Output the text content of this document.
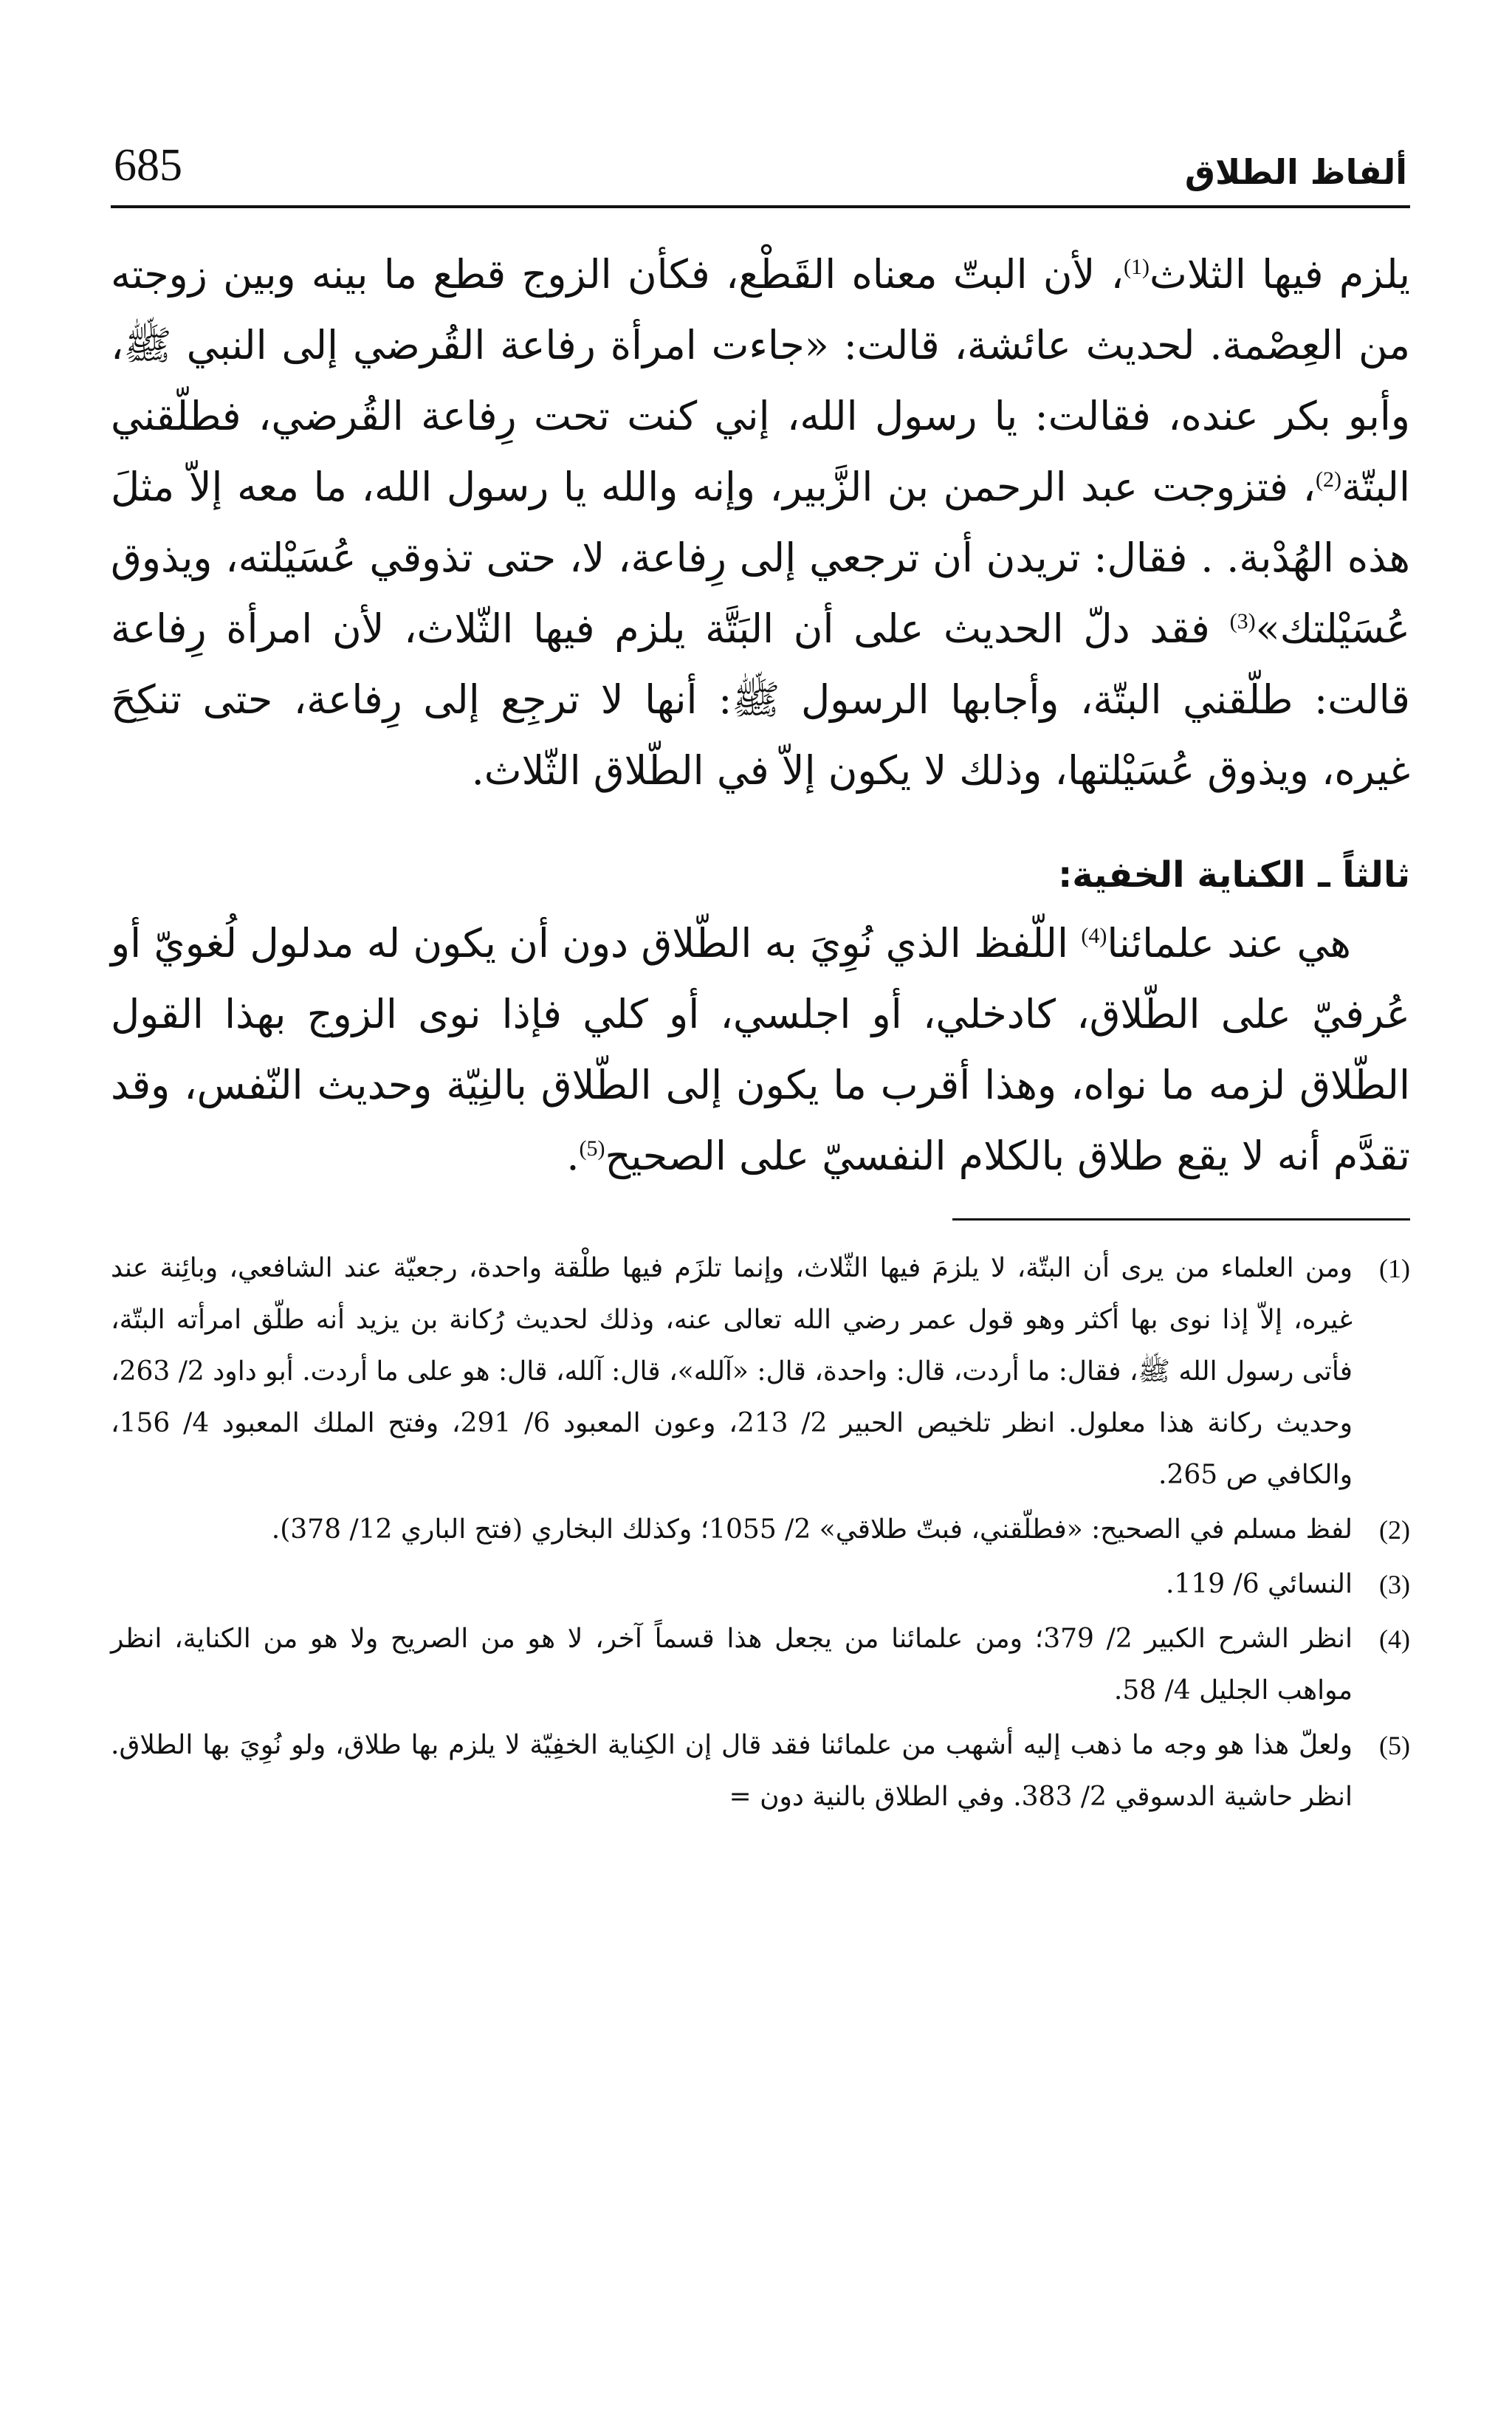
ألفاظ الطلاق
685

يلزم فيها الثلاث$^{(1)}$، لأن البتّ معناه القَطْع، فكأن الزوج قطع ما بينه وبين زوجته من العِصْمة. لحديث عائشة، قالت: «جاءت امرأة رفاعة القُرضي إلى النبي ﷺ، وأبو بكر عنده، فقالت: يا رسول الله، إني كنت تحت رِفاعة القُرضي، فطلّقني البتّة$^{(2)}$، فتزوجت عبد الرحمن بن الزَّبير، وإنه والله يا رسول الله، ما معه إلاّ مثلَ هذه الهُدْبة. . فقال: تريدن أن ترجعي إلى رِفاعة، لا، حتى تذوقي عُسَيْلته، ويذوق عُسَيْلتك»$^{(3)}$ فقد دلّ الحديث على أن البَتَّة يلزم فيها الثّلاث، لأن امرأة رِفاعة قالت: طلّقني البتّة، وأجابها الرسول ﷺ: أنها لا ترجِع إلى رِفاعة، حتى تنكِحَ غيره، ويذوق عُسَيْلتها، وذلك لا يكون إلاّ في الطّلاق الثّلاث.

ثالثاً ـ الكناية الخفية:

هي عند علمائنا$^{(4)}$ اللّفظ الذي نُوِيَ به الطّلاق دون أن يكون له مدلول لُغويّ أو عُرفيّ على الطّلاق، كادخلي، أو اجلسي، أو كلي فإذا نوى الزوج بهذا القول الطّلاق لزمه ما نواه، وهذا أقرب ما يكون إلى الطّلاق بالنِيّة وحديث النّفس، وقد تقدَّم أنه لا يقع طلاق بالكلام النفسيّ على الصحيح$^{(5)}$.

(1)
ومن العلماء من يرى أن البتّة، لا يلزمَ فيها الثّلاث، وإنما تلزَم فيها طلْقة واحدة، رجعيّة عند الشافعي، وبائِنة عند غيره، إلاّ إذا نوى بها أكثر وهو قول عمر رضي الله تعالى عنه، وذلك لحديث رُكانة بن يزيد أنه طلّق امرأته البتّة، فأتى رسول الله ﷺ، فقال: ما أردت، قال: واحدة، قال: «آلله»، قال: آلله، قال: هو على ما أردت. أبو داود 2/ 263، وحديث ركانة هذا معلول. انظر تلخيص الحبير 2/ 213، وعون المعبود 6/ 291، وفتح الملك المعبود 4/ 156، والكافي ص 265.
(2)
لفظ مسلم في الصحيح: «فطلّقني، فبتّ طلاقي» 2/ 1055؛ وكذلك البخاري (فتح الباري 12/ 378).
(3)
النسائي 6/ 119.
(4)
انظر الشرح الكبير 2/ 379؛ ومن علمائنا من يجعل هذا قسماً آخر، لا هو من الصريح ولا هو من الكناية، انظر مواهب الجليل 4/ 58.
(5)
ولعلّ هذا هو وجه ما ذهب إليه أشهب من علمائنا فقد قال إن الكِناية الخفِيّة لا يلزم بها طلاق، ولو نُوِيَ بها الطلاق. انظر حاشية الدسوقي 2/ 383. وفي الطلاق بالنية دون =
